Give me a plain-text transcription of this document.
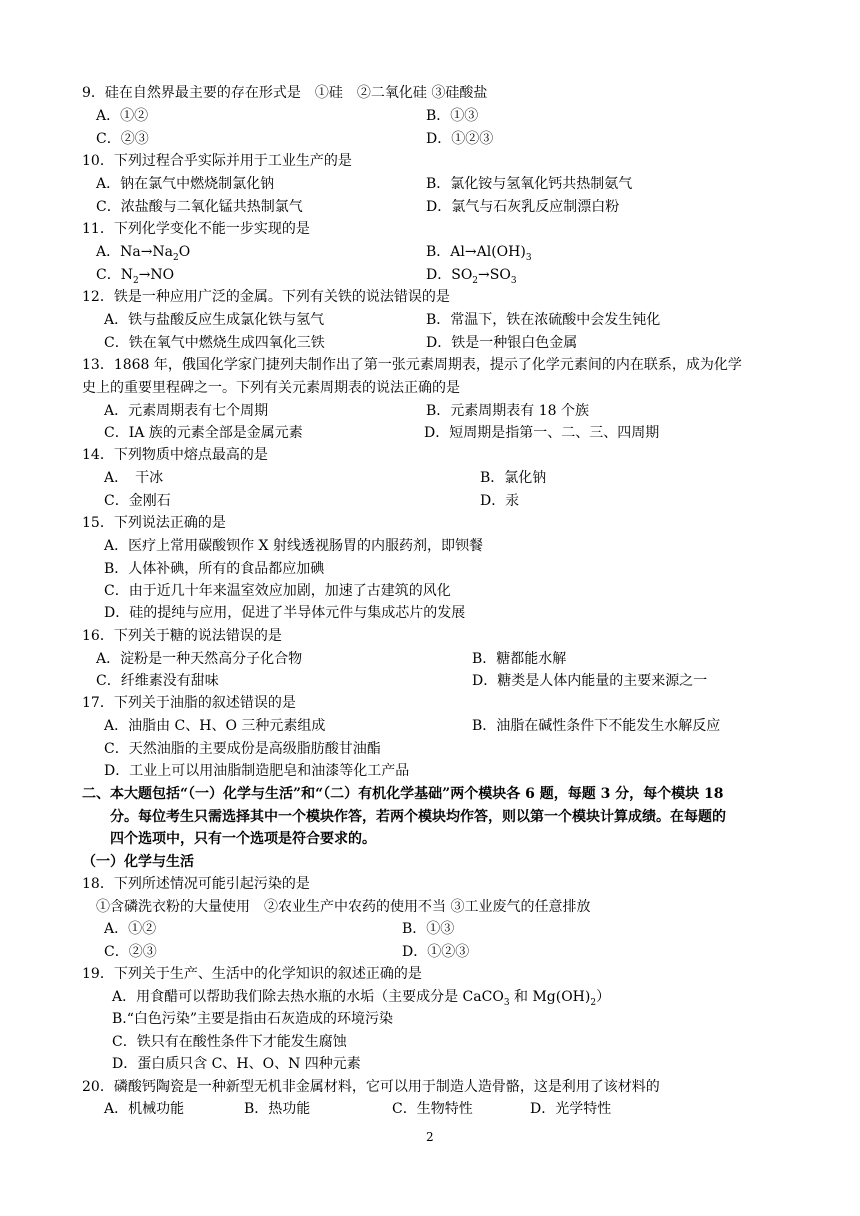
9．硅在自然界最主要的存在形式是　①硅　②二氧化硅 ③硅酸盐
A．①②	B．①③
C．②③	D．①②③
10．下列过程合乎实际并用于工业生产的是
A．钠在氯气中燃烧制氯化钠	B．氯化铵与氢氧化钙共热制氨气
C．浓盐酸与二氧化锰共热制氯气	D．氯气与石灰乳反应制漂白粉
11．下列化学变化不能一步实现的是
A．$Na\to Na_2O$	B．$Al\to Al(OH)_3$
C．$N_2\to NO$	D．$SO_2\to SO_3$
12．铁是一种应用广泛的金属。下列有关铁的说法错误的是
A．铁与盐酸反应生成氯化铁与氢气	B．常温下，铁在浓硫酸中会发生钝化
C．铁在氧气中燃烧生成四氧化三铁	D．铁是一种银白色金属
13．1868 年，俄国化学家门捷列夫制作出了第一张元素周期表，提示了化学元素间的内在联系，成为化学
史上的重要里程碑之一。下列有关元素周期表的说法正确的是
A．元素周期表有七个周期	B．元素周期表有 18 个族
C．IA 族的元素全部是金属元素	D．短周期是指第一、二、三、四周期
14．下列物质中熔点最高的是
A．　干冰	B．氯化钠
C．金刚石	D．汞
15．下列说法正确的是
A．医疗上常用碳酸钡作 X 射线透视肠胃的内服药剂，即钡餐
B．人体补碘，所有的食品都应加碘
C．由于近几十年来温室效应加剧，加速了古建筑的风化
D．硅的提纯与应用，促进了半导体元件与集成芯片的发展
16．下列关于糖的说法错误的是
A．淀粉是一种天然高分子化合物	B．糖都能水解
C．纤维素没有甜味	D．糖类是人体内能量的主要来源之一
17．下列关于油脂的叙述错误的是
A．油脂由 C、H、O 三种元素组成	B．油脂在碱性条件下不能发生水解反应
C．天然油脂的主要成份是高级脂肪酸甘油酯
D．工业上可以用油脂制造肥皂和油漆等化工产品
二、本大题包括“（一）化学与生活”和“（二）有机化学基础”两个模块各 6 题，每题 3 分，每个模块 18
分。每位考生只需选择其中一个模块作答，若两个模块均作答，则以第一个模块计算成绩。在每题的
四个选项中，只有一个选项是符合要求的。
（一）化学与生活
18．下列所述情况可能引起污染的是
①含磷洗衣粉的大量使用　②农业生产中农药的使用不当 ③工业废气的任意排放
A．①②	B．①③
C．②③	D．①②③
19．下列关于生产、生活中的化学知识的叙述正确的是
A．用食醋可以帮助我们除去热水瓶的水垢（主要成分是 CaCO$_3$ 和 $Mg(OH)_2$）
B.“白色污染”主要是指由石灰造成的环境污染
C．铁只有在酸性条件下才能发生腐蚀
D．蛋白质只含 C、H、O、N 四种元素
20．磷酸钙陶瓷是一种新型无机非金属材料，它可以用于制造人造骨骼，这是利用了该材料的
A．机械功能	B．热功能	C．生物特性	D．光学特性
2
